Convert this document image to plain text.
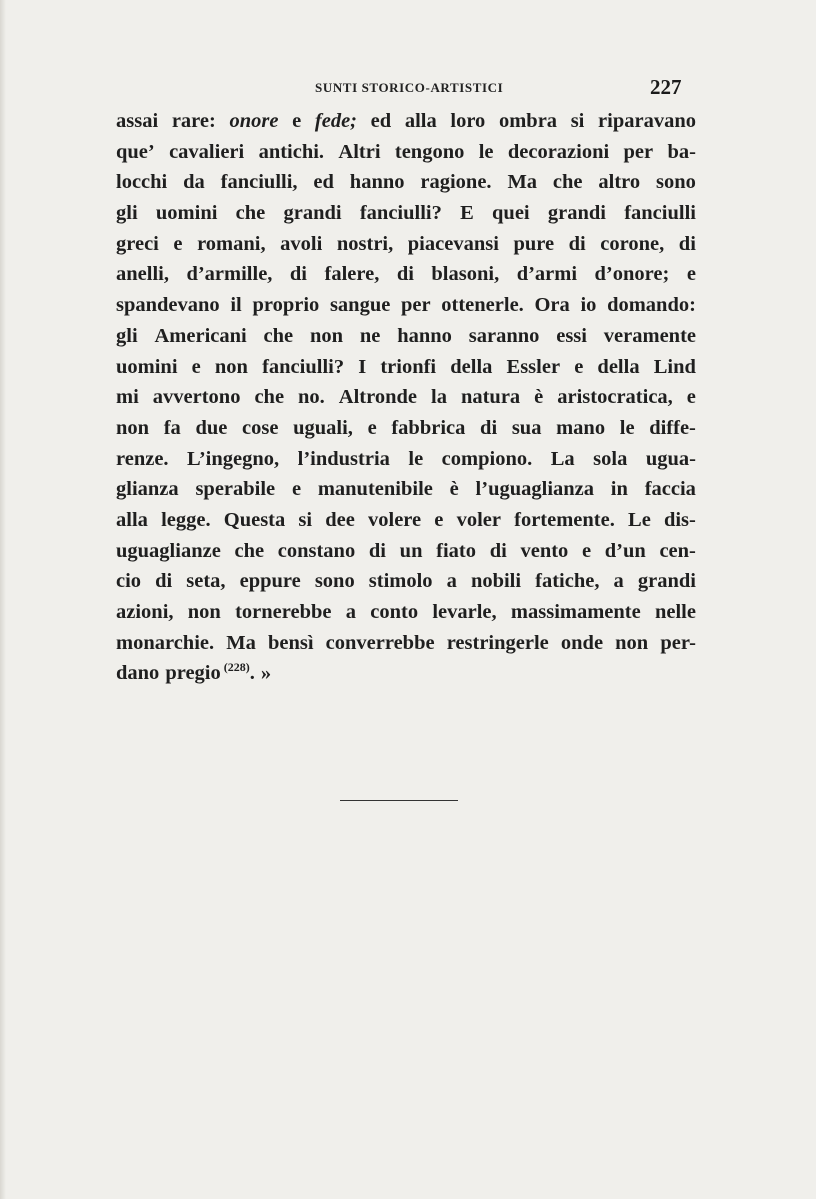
SUNTI STORICO-ARTISTICI	227
assai rare: onore e fede; ed alla loro ombra si riparavano
que’ cavalieri antichi. Altri tengono le decorazioni per ba-
locchi da fanciulli, ed hanno ragione. Ma che altro sono
gli uomini che grandi fanciulli? E quei grandi fanciulli
greci e romani, avoli nostri, piacevansi pure di corone, di
anelli, d’armille, di falere, di blasoni, d’armi d’onore; e
spandevano il proprio sangue per ottenerle. Ora io domando:
gli Americani che non ne hanno saranno essi veramente
uomini e non fanciulli? I trionfi della Essler e della Lind
mi avvertono che no. Altronde la natura è aristocratica, e
non fa due cose uguali, e fabbrica di sua mano le diffe-
renze. L’ingegno, l’industria le compiono. La sola ugua-
glianza sperabile e manutenibile è l’uguaglianza in faccia
alla legge. Questa si dee volere e voler fortemente. Le dis-
uguaglianze che constano di un fiato di vento e d’un cen-
cio di seta, eppure sono stimolo a nobili fatiche, a grandi
azioni, non tornerebbe a conto levarle, massimamente nelle
monarchie. Ma bensì converrebbe restringerle onde non per-
dano pregio $^{(228)}$ . »
